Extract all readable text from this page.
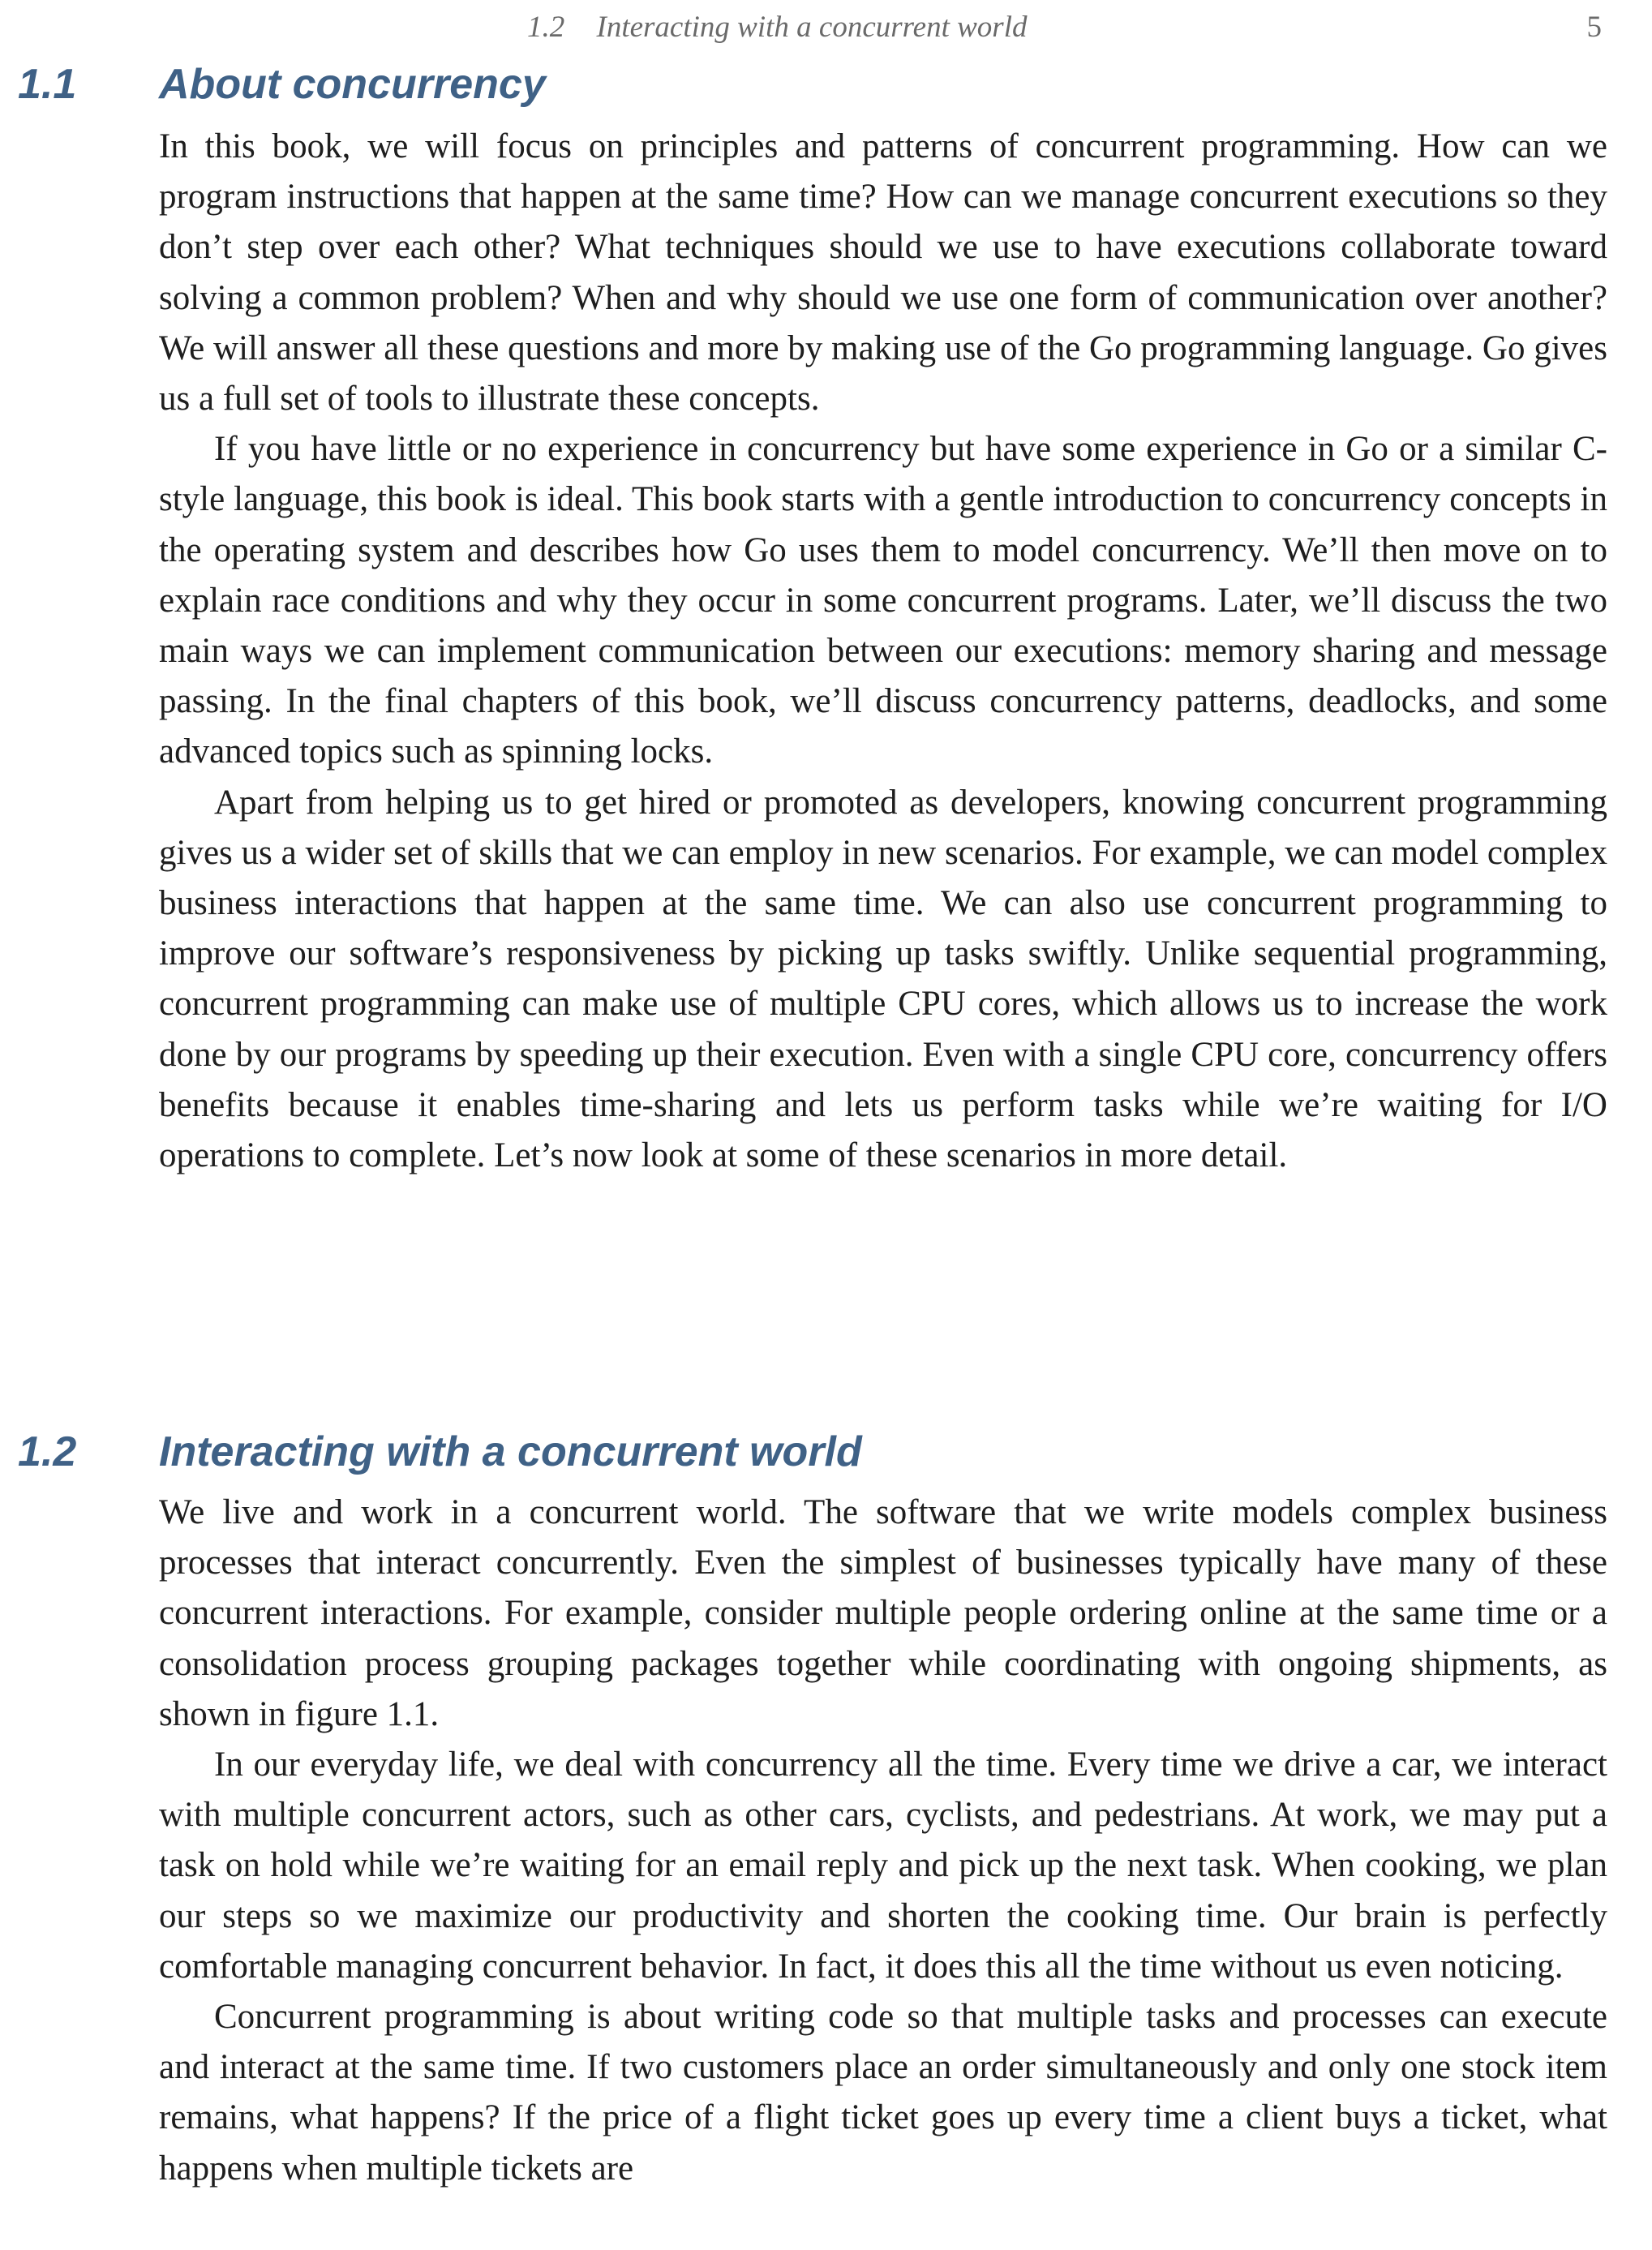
1.2 Interacting with a concurrent world	5
1.1 About concurrency

In this book, we will focus on principles and patterns of concurrent programming. How can we program instructions that happen at the same time? How can we manage concurrent executions so they don’t step over each other? What techniques should we use to have executions collaborate toward solving a common problem? When and why should we use one form of communication over another? We will answer all these questions and more by making use of the Go programming language. Go gives us a full set of tools to illustrate these concepts.

If you have little or no experience in concurrency but have some experience in Go or a similar C-style language, this book is ideal. This book starts with a gentle introduction to concurrency concepts in the operating system and describes how Go uses them to model concurrency. We’ll then move on to explain race conditions and why they occur in some concurrent programs. Later, we’ll discuss the two main ways we can implement communication between our executions: memory sharing and message passing. In the final chapters of this book, we’ll discuss concurrency patterns, deadlocks, and some advanced topics such as spinning locks.

Apart from helping us to get hired or promoted as developers, knowing concurrent programming gives us a wider set of skills that we can employ in new scenarios. For example, we can model complex business interactions that happen at the same time. We can also use concurrent programming to improve our software’s responsiveness by picking up tasks swiftly. Unlike sequential programming, concurrent programming can make use of multiple CPU cores, which allows us to increase the work done by our programs by speeding up their execution. Even with a single CPU core, concurrency offers benefits because it enables time-sharing and lets us perform tasks while we’re waiting for I/O operations to complete. Let’s now look at some of these scenarios in more detail.

1.2 Interacting with a concurrent world

We live and work in a concurrent world. The software that we write models complex business processes that interact concurrently. Even the simplest of businesses typically have many of these concurrent interactions. For example, consider multiple people ordering online at the same time or a consolidation process grouping packages together while coordinating with ongoing shipments, as shown in figure 1.1.

In our everyday life, we deal with concurrency all the time. Every time we drive a car, we interact with multiple concurrent actors, such as other cars, cyclists, and pedestrians. At work, we may put a task on hold while we’re waiting for an email reply and pick up the next task. When cooking, we plan our steps so we maximize our productivity and shorten the cooking time. Our brain is perfectly comfortable managing concurrent behavior. In fact, it does this all the time without us even noticing.

Concurrent programming is about writing code so that multiple tasks and processes can execute and interact at the same time. If two customers place an order simultaneously and only one stock item remains, what happens? If the price of a flight ticket goes up every time a client buys a ticket, what happens when multiple tickets are
